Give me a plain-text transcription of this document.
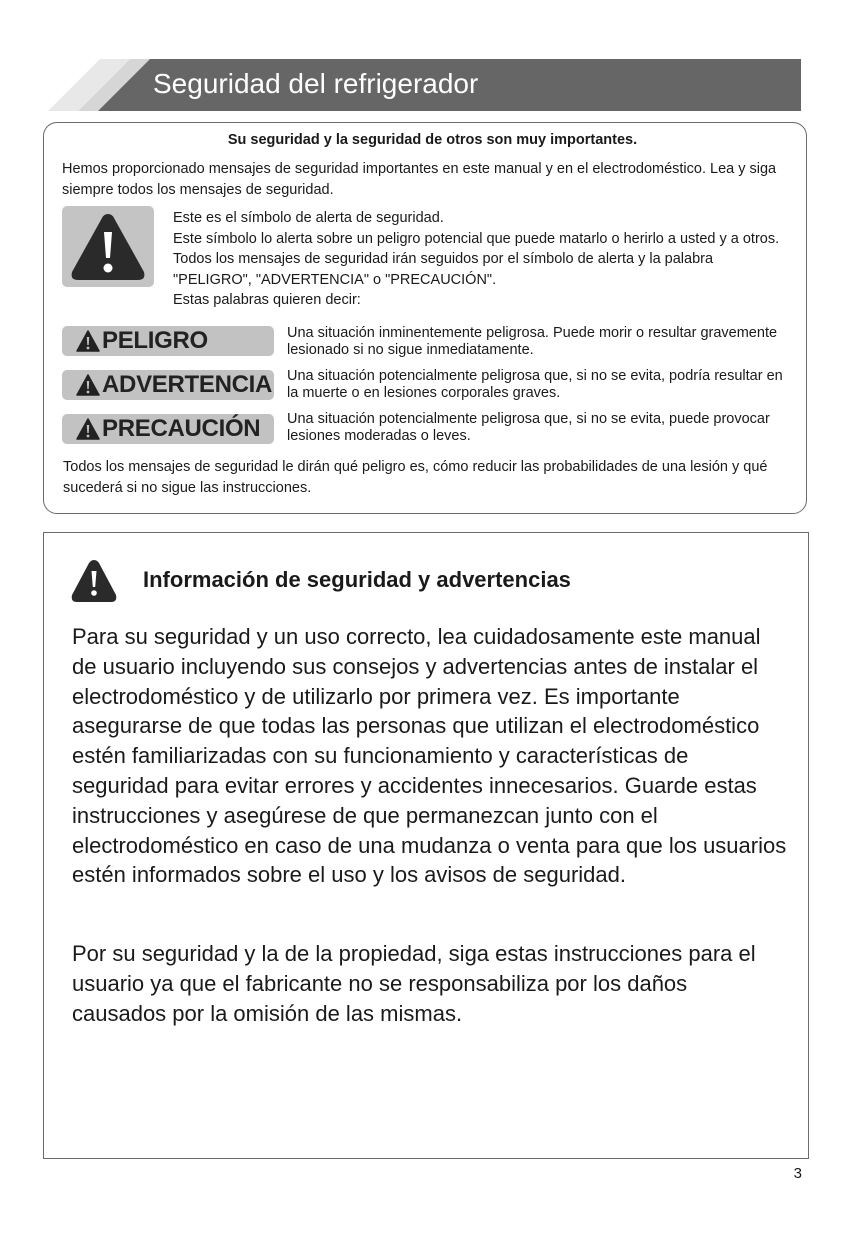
Seguridad del refrigerador
Su seguridad y la seguridad de otros son muy importantes.
Hemos proporcionado mensajes de seguridad importantes en este manual y en el electrodoméstico. Lea y siga siempre todos los mensajes de seguridad.
Este es el símbolo de alerta de seguridad.
Este símbolo lo alerta sobre un peligro potencial que puede matarlo o herirlo a usted y a otros. Todos los mensajes de seguridad irán seguidos por el símbolo de alerta y la palabra "PELIGRO", "ADVERTENCIA" o "PRECAUCIÓN".
Estas palabras quieren decir:
PELIGRO	Una situación inminentemente peligrosa. Puede morir o resultar gravemente lesionado si no sigue inmediatamente.
ADVERTENCIA Una situación potencialmente peligrosa que, si no se evita, podría resultar en la muerte o en lesiones corporales graves.
PRECAUCIÓN Una situación potencialmente peligrosa que, si no se evita, puede provocar lesiones moderadas o leves.
Todos los mensajes de seguridad le dirán qué peligro es, cómo reducir las probabilidades de una lesión y qué sucederá si no sigue las instrucciones.
Información de seguridad y advertencias
Para su seguridad y un uso correcto, lea cuidadosamente este manual de usuario incluyendo sus consejos y advertencias antes de instalar el electrodoméstico y de utilizarlo por primera vez. Es importante asegurarse de que todas las personas que utilizan el electrodoméstico estén familiarizadas con su funcionamiento y características de seguridad para evitar errores y accidentes innecesarios. Guarde estas instrucciones y asegúrese de que permanezcan junto con el electrodoméstico en caso de una mudanza o venta para que los usuarios estén informados sobre el uso y los avisos de seguridad.
Por su seguridad y la de la propiedad, siga estas instrucciones para el usuario ya que el fabricante no se responsabiliza por los daños causados por la omisión de las mismas.
3
